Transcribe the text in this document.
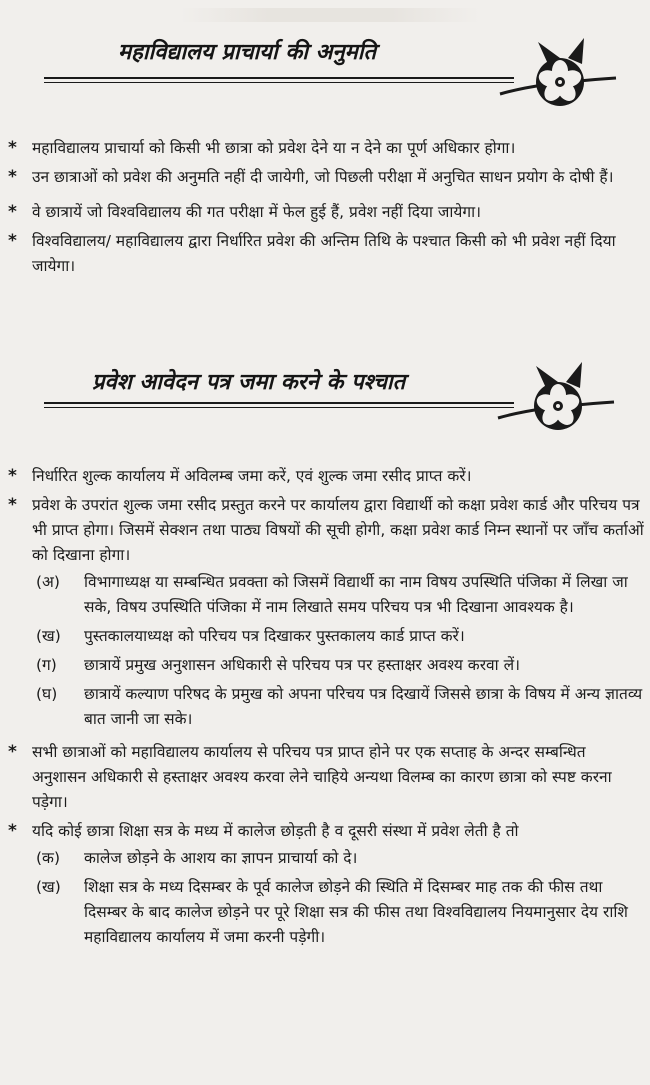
महाविद्यालय प्राचार्या की अनुमति
* महाविद्यालय प्राचार्या को किसी भी छात्रा को प्रवेश देने या न देने का पूर्ण अधिकार होगा।
* उन छात्राओं को प्रवेश की अनुमति नहीं दी जायेगी, जो पिछली परीक्षा में अनुचित साधन प्रयोग के दोषी हैं।
* वे छात्रायें जो विश्वविद्यालय की गत परीक्षा में फेल हुई हैं, प्रवेश नहीं दिया जायेगा।
* विश्वविद्यालय/ महाविद्यालय द्वारा निर्धारित प्रवेश की अन्तिम तिथि के पश्चात किसी को भी प्रवेश नहीं दिया जायेगा।
प्रवेश आवेदन पत्र जमा करने के पश्चात
* निर्धारित शुल्क कार्यालय में अविलम्ब जमा करें, एवं शुल्क जमा रसीद प्राप्त करें।
* प्रवेश के उपरांत शुल्क जमा रसीद प्रस्तुत करने पर कार्यालय द्वारा विद्यार्थी को कक्षा प्रवेश कार्ड और परिचय पत्र भी प्राप्त होगा। जिसमें सेक्शन तथा पाठ्य विषयों की सूची होगी, कक्षा प्रवेश कार्ड निम्न स्थानों पर जाँच कर्ताओं को दिखाना होगा।
(अ)	विभागाध्यक्ष या सम्बन्धित प्रवक्ता को जिसमें विद्यार्थी का नाम विषय उपस्थिति पंजिका में लिखा जा सके, विषय उपस्थिति पंजिका में नाम लिखाते समय परिचय पत्र भी दिखाना आवश्यक है।
(ख)	पुस्तकालयाध्यक्ष को परिचय पत्र दिखाकर पुस्तकालय कार्ड प्राप्त करें।
(ग)	छात्रायें प्रमुख अनुशासन अधिकारी से परिचय पत्र पर हस्ताक्षर अवश्य करवा लें।
(घ)	छात्रायें कल्याण परिषद के प्रमुख को अपना परिचय पत्र दिखायें जिससे छात्रा के विषय में अन्य ज्ञातव्य बात जानी जा सके।
* सभी छात्राओं को महाविद्यालय कार्यालय से परिचय पत्र प्राप्त होने पर एक सप्ताह के अन्दर सम्बन्धित अनुशासन अधिकारी से हस्ताक्षर अवश्य करवा लेने चाहिये अन्यथा विलम्ब का कारण छात्रा को स्पष्ट करना पड़ेगा।
* यदि कोई छात्रा शिक्षा सत्र के मध्य में कालेज छोड़ती है व दूसरी संस्था में प्रवेश लेती है तो
(क)	कालेज छोड़ने के आशय का ज्ञापन प्राचार्या को दे।
(ख)	शिक्षा सत्र के मध्य दिसम्बर के पूर्व कालेज छोड़ने की स्थिति में दिसम्बर माह तक की फीस तथा दिसम्बर के बाद कालेज छोड़ने पर पूरे शिक्षा सत्र की फीस तथा विश्वविद्यालय नियमानुसार देय राशि महाविद्यालय कार्यालय में जमा करनी पड़ेगी।
